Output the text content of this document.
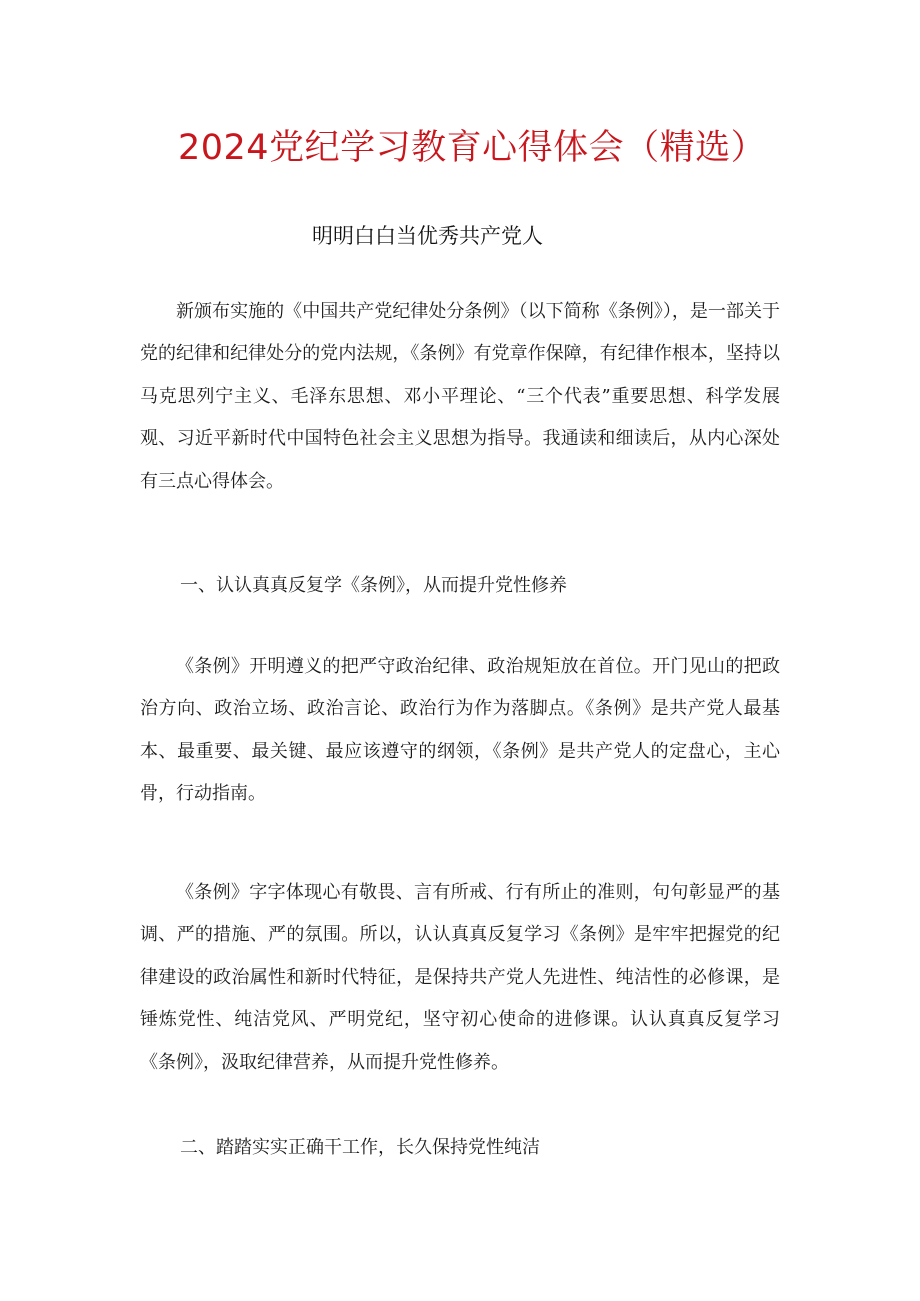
2024党纪学习教育心得体会（精选）
明明白白当优秀共产党人

新颁布实施的《中国共产党纪律处分条例》（以下简称《条例》），是一部关于党的纪律和纪律处分的党内法规，《条例》有党章作保障，有纪律作根本，坚持以马克思列宁主义、毛泽东思想、邓小平理论、“三个代表”重要思想、科学发展观、习近平新时代中国特色社会主义思想为指导。我通读和细读后，从内心深处有三点心得体会。

一、认认真真反复学《条例》，从而提升党性修养

《条例》开明遵义的把严守政治纪律、政治规矩放在首位。开门见山的把政治方向、政治立场、政治言论、政治行为作为落脚点。《条例》是共产党人最基本、最重要、最关键、最应该遵守的纲领，《条例》是共产党人的定盘心，主心骨，行动指南。

《条例》字字体现心有敬畏、言有所戒、行有所止的准则，句句彰显严的基调、严的措施、严的氛围。所以，认认真真反复学习《条例》是牢牢把握党的纪律建设的政治属性和新时代特征，是保持共产党人先进性、纯洁性的必修课，是锤炼党性、纯洁党风、严明党纪，坚守初心使命的进修课。认认真真反复学习《条例》，汲取纪律营养，从而提升党性修养。

二、踏踏实实正确干工作，长久保持党性纯洁
